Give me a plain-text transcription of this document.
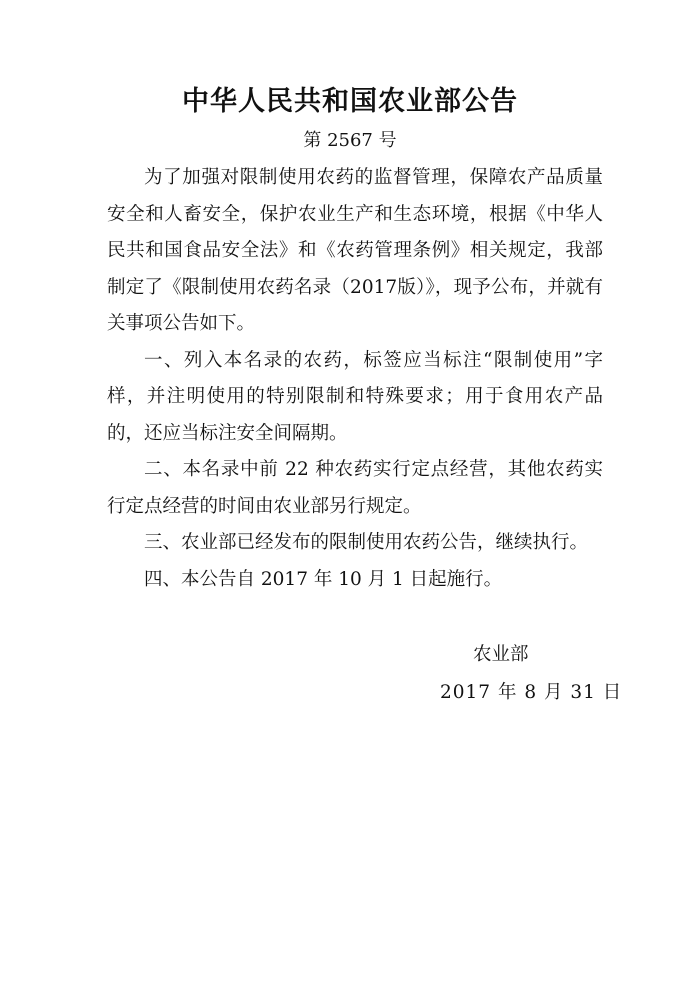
中华人民共和国农业部公告
第 2567 号

为了加强对限制使用农药的监督管理，保障农产品质量安全和人畜安全，保护农业生产和生态环境，根据《中华人民共和国食品安全法》和《农药管理条例》相关规定，我部制定了《限制使用农药名录（2017版）》，现予公布，并就有关事项公告如下。

一、列入本名录的农药，标签应当标注“限制使用”字样，并注明使用的特别限制和特殊要求；用于食用农产品的，还应当标注安全间隔期。

二、本名录中前 22 种农药实行定点经营，其他农药实行定点经营的时间由农业部另行规定。

三、农业部已经发布的限制使用农药公告，继续执行。

四、本公告自 2017 年 10 月 1 日起施行。

农业部
2017 年 8 月 31 日
